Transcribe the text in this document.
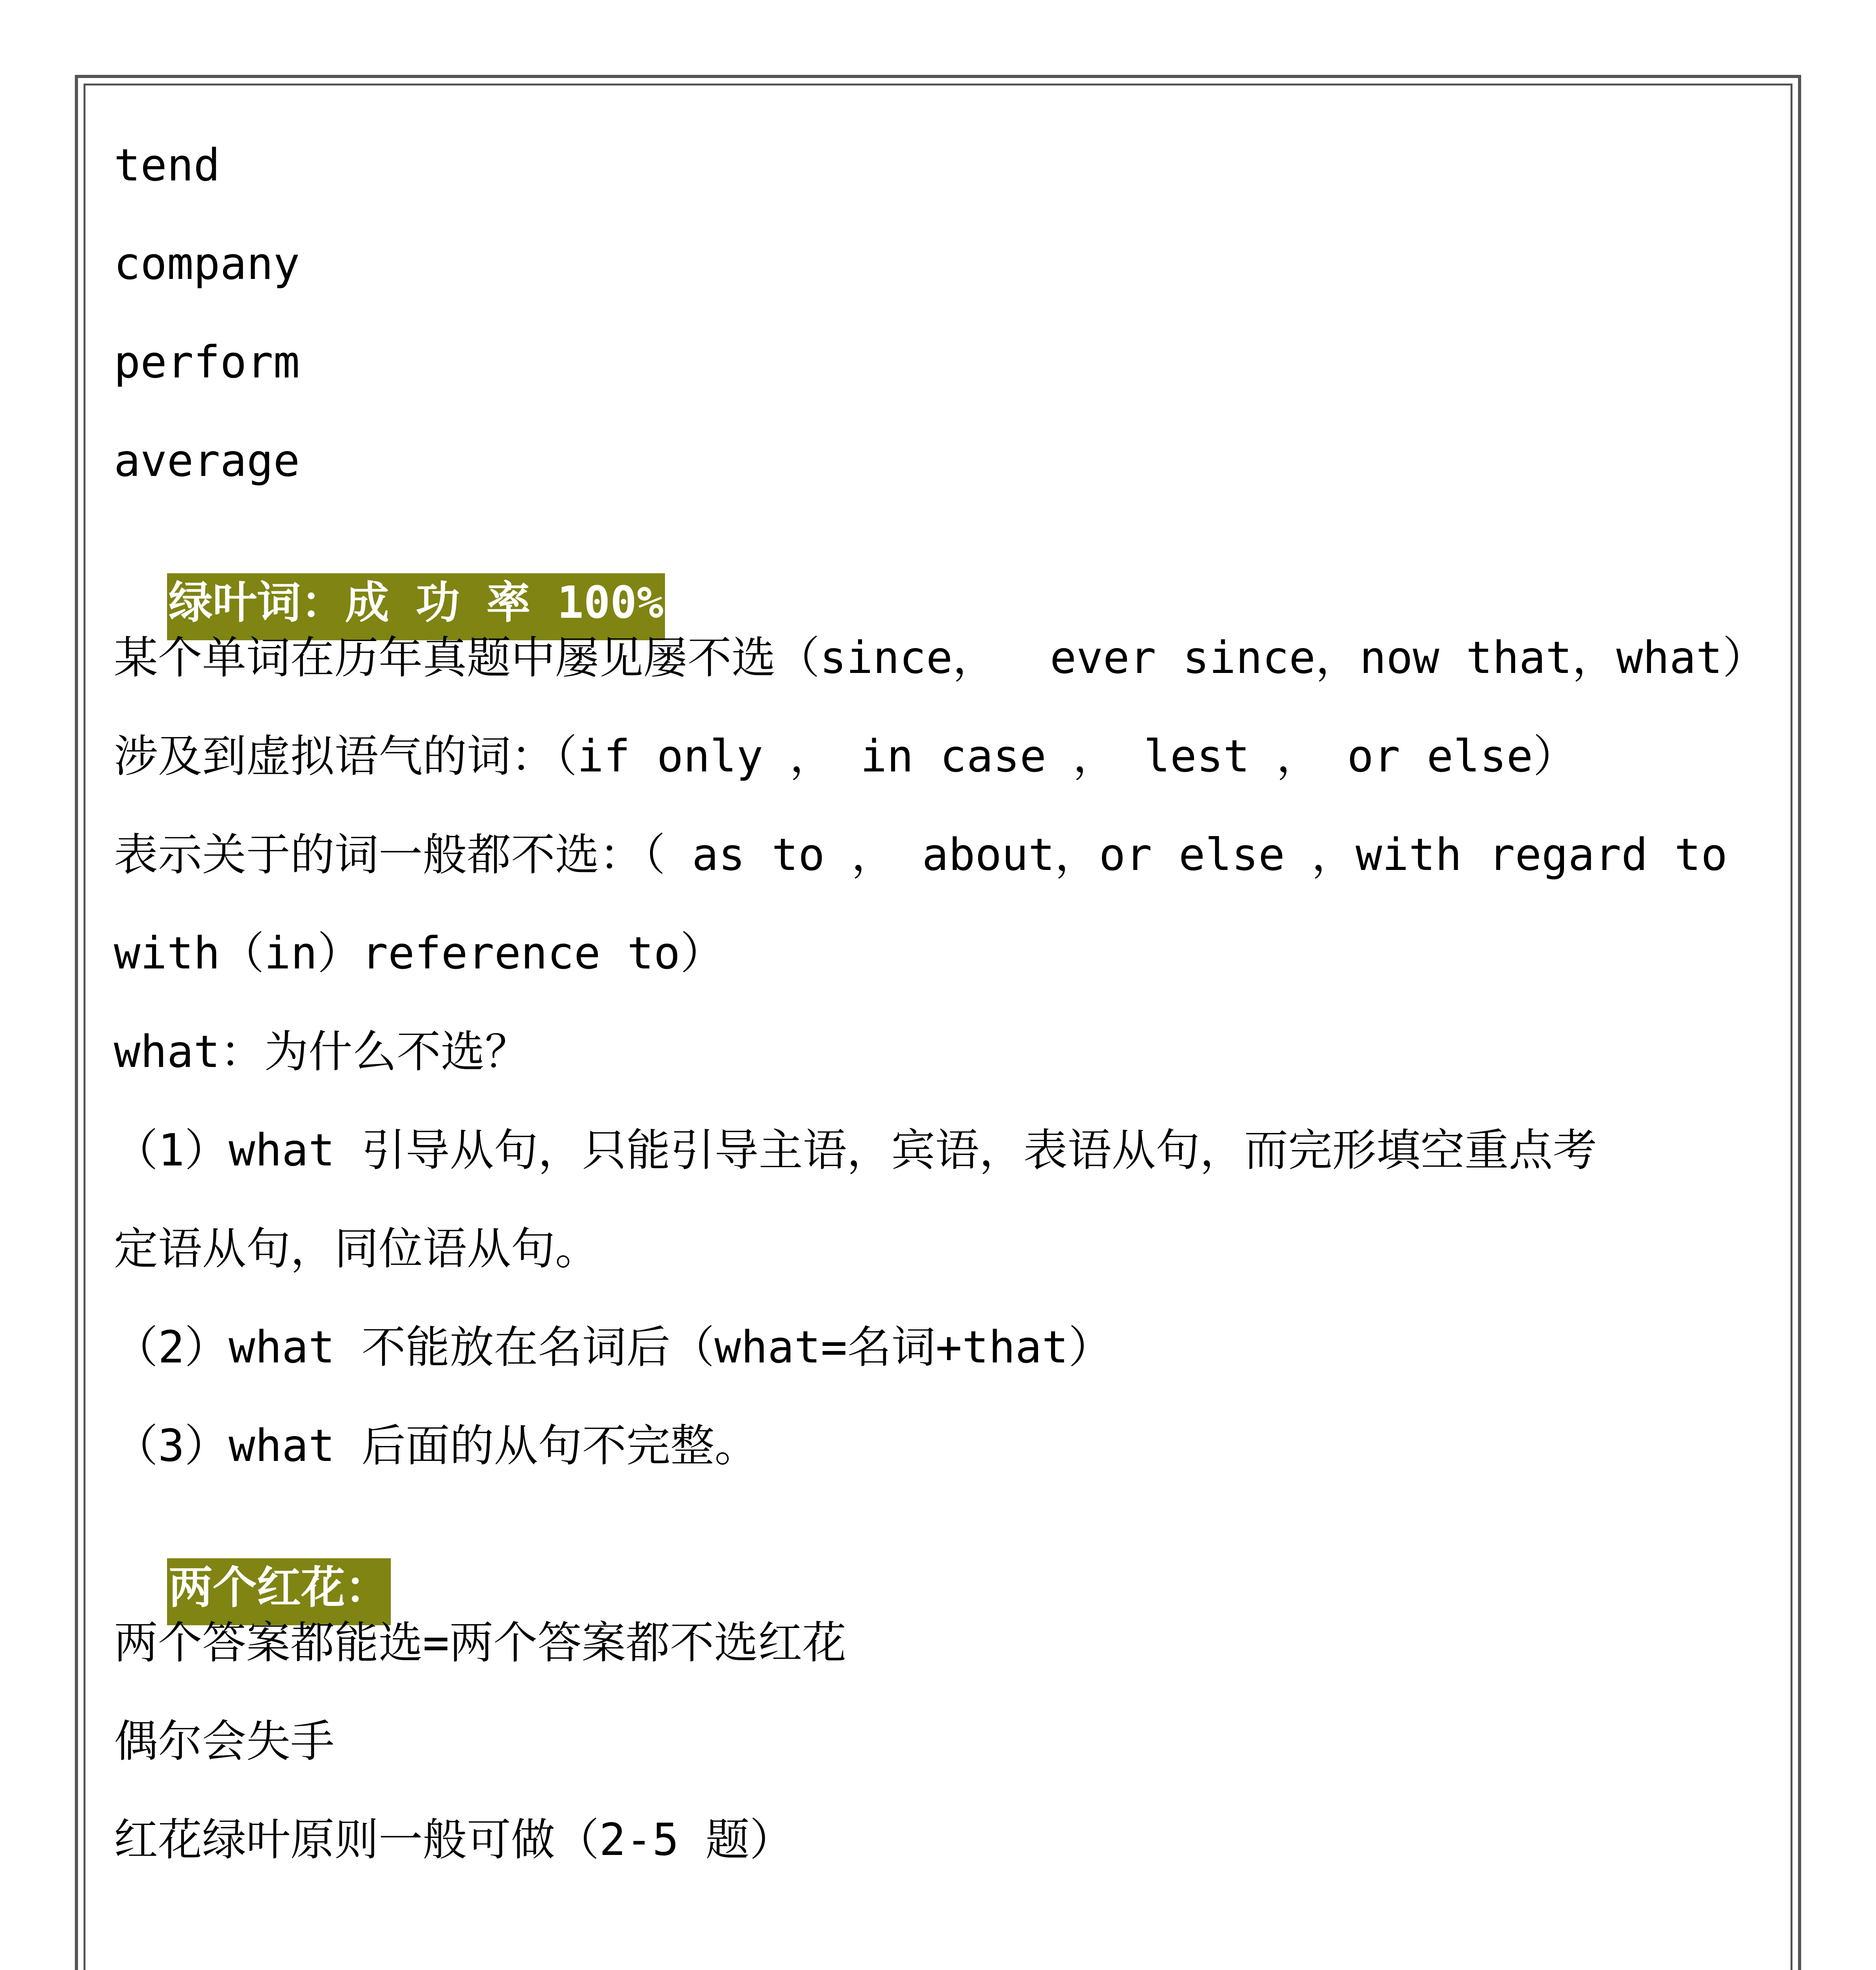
tend
company
perform
average

绿叶词：成 功 率 100%

某个单词在历年真题中屡见屡不选（since，  ever since，now that，what）
涉及到虚拟语气的词：（if only ， in case ， lest ， or else）
表示关于的词一般都不选：（ as to ， about，or else ，with regard to
with（in）reference to）
what：为什么不选？
（1）what 引导从句，只能引导主语，宾语，表语从句，而完形填空重点考
定语从句，同位语从句。
（2）what 不能放在名词后（what=名词+that）
（3）what 后面的从句不完整。

两个红花：

两个答案都能选=两个答案都不选红花
偶尔会失手
红花绿叶原则一般可做（2-5 题）
